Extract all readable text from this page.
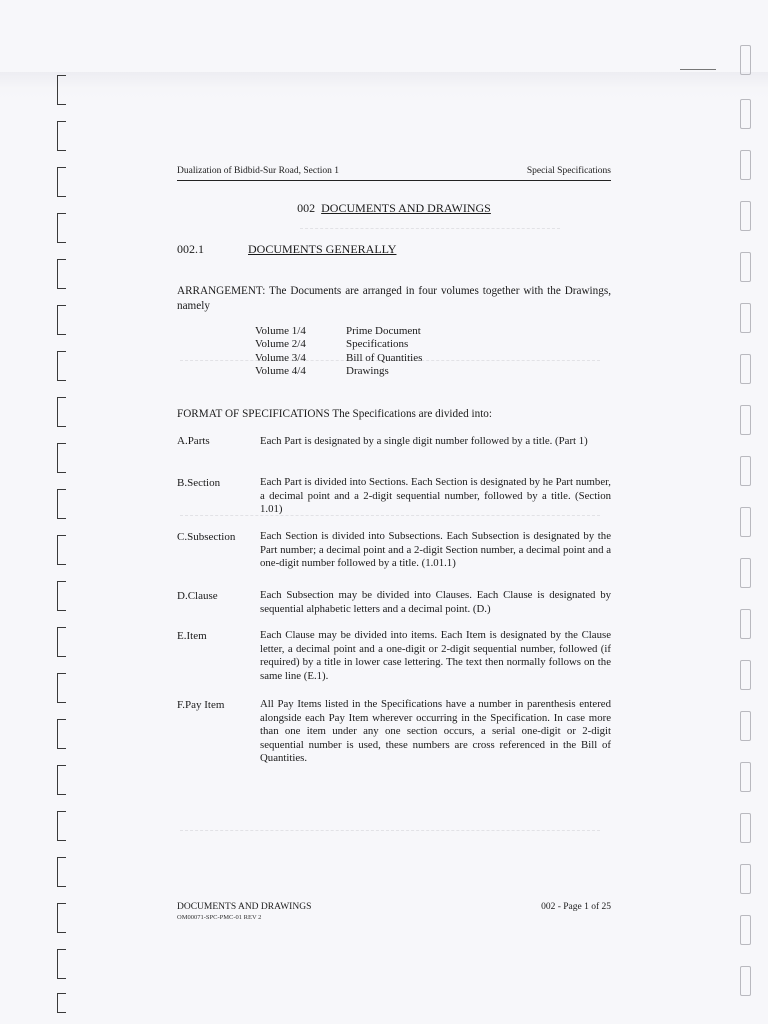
Dualization of Bidbid-Sur Road, Section 1	Special Specifications
002 DOCUMENTS AND DRAWINGS
002.1	DOCUMENTS GENERALLY
ARRANGEMENT: The Documents are arranged in four volumes together with the Drawings, namely
Volume 1/4	Prime Document
Volume 2/4	Specifications
Volume 3/4	Bill of Quantities
Volume 4/4	Drawings
FORMAT OF SPECIFICATIONS The Specifications are divided into:
A.Parts	Each Part is designated by a single digit number followed by a title. (Part 1)
B.Section	Each Part is divided into Sections. Each Section is designated by he Part number, a decimal point and a 2-digit sequential number, followed by a title. (Section 1.01)
C.Subsection Each Section is divided into Subsections. Each Subsection is designated by the Part number; a decimal point and a 2-digit Section number, a decimal point and a one-digit number followed by a title. (1.01.1)
D.Clause	Each Subsection may be divided into Clauses. Each Clause is designated by sequential alphabetic letters and a decimal point. (D.)
E.Item	Each Clause may be divided into items. Each Item is designated by the Clause letter, a decimal point and a one-digit or 2-digit sequential number, followed (if required) by a title in lower case lettering. The text then normally follows on the same line (E.1).
F.Pay Item	All Pay Items listed in the Specifications have a number in parenthesis entered alongside each Pay Item wherever occurring in the Specification. In case more than one item under any one section occurs, a serial one-digit or 2-digit sequential number is used, these numbers are cross referenced in the Bill of Quantities.
DOCUMENTS AND DRAWINGS
OM00071-SPC-PMC-01 REV 2
002 - Page 1 of 25
